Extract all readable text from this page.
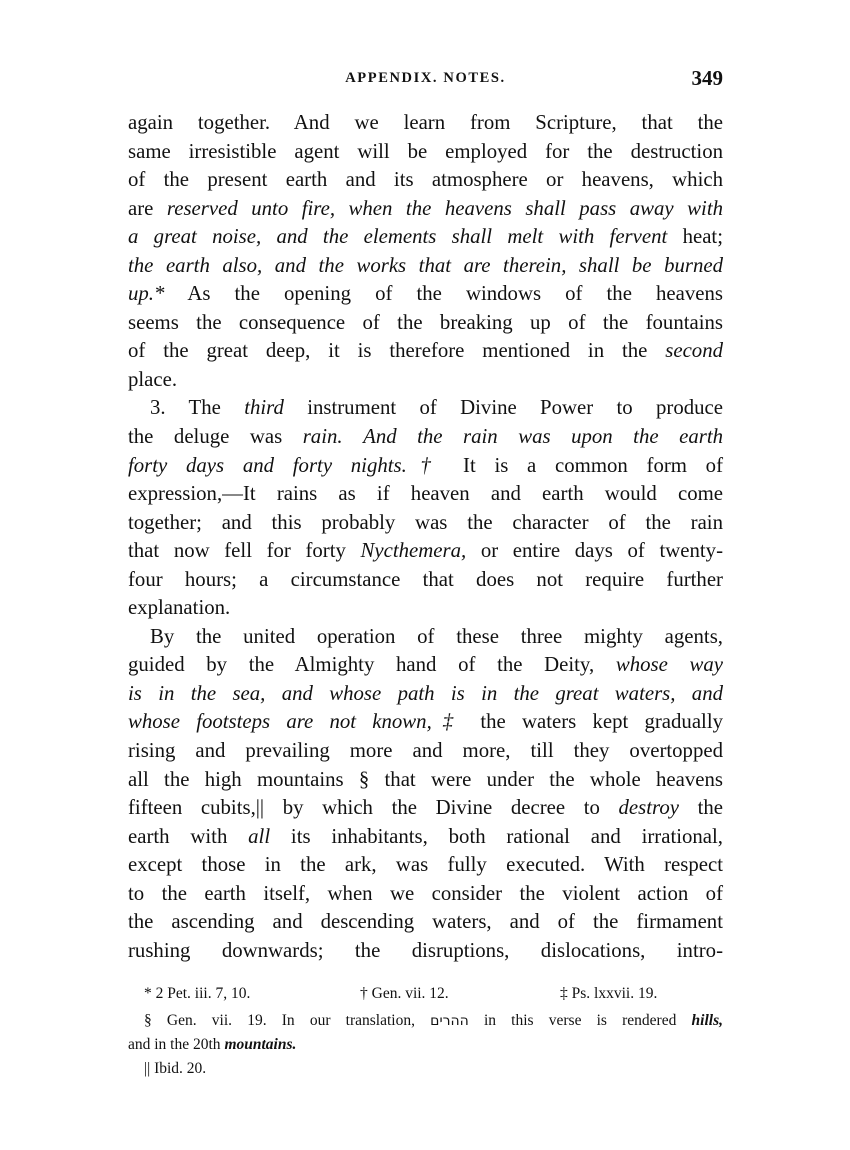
APPENDIX. NOTES.	349
again together. And we learn from Scripture, that the
same irresistible agent will be employed for the destruction
of the present earth and its atmosphere or heavens, which
are reserved unto fire, when the heavens shall pass away with
a great noise, and the elements shall melt with fervent heat;
the earth also, and the works that are therein, shall be burned
up.* As the opening of the windows of the heavens
seems the consequence of the breaking up of the fountains
of the great deep, it is therefore mentioned in the second
place.
3. The third instrument of Divine Power to produce
the deluge was rain. And the rain was upon the earth
forty days and forty nights.† It is a common form of
expression,—It rains as if heaven and earth would come
together; and this probably was the character of the rain
that now fell for forty Nycthemera, or entire days of twenty-
four hours; a circumstance that does not require further
explanation.
By the united operation of these three mighty agents,
guided by the Almighty hand of the Deity, whose way
is in the sea, and whose path is in the great waters, and
whose footsteps are not known,‡ the waters kept gradually
rising and prevailing more and more, till they overtopped
all the high mountains § that were under the whole heavens
fifteen cubits,|| by which the Divine decree to destroy the
earth with all its inhabitants, both rational and irrational,
except those in the ark, was fully executed. With respect
to the earth itself, when we consider the violent action of
the ascending and descending waters, and of the firmament
rushing downwards; the disruptions, dislocations, intro-
* 2 Pet. iii. 7, 10.	† Gen. vii. 12.	‡ Ps. lxxvii. 19.
§ Gen. vii. 19. In our translation, ההרים in this verse is rendered hills,
and in the 20th mountains.
|| Ibid. 20.
